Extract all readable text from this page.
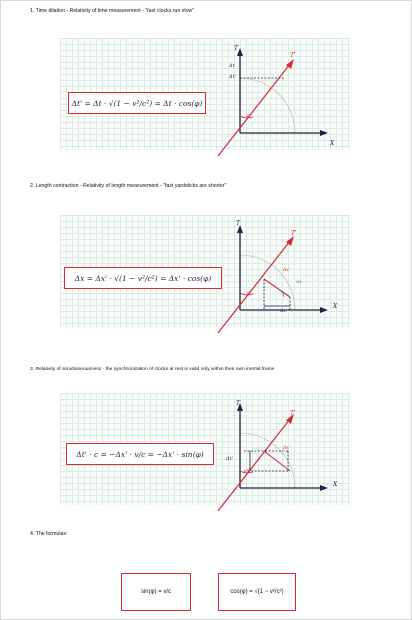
1. Time dilation - Relativity of time measurement - "fast clocks run slow"
Δt' = Δt · √(1 − v²/c²) = Δt · cos(φ)
T
T'
X
Δt
Δt'
φ
2. Length contraction - Relativity of length measurement - "fast yardsticks are shorter"
Δx = Δx' · √(1 − v²/c²) = Δx' · cos(φ)
T
T'
X
Δx'
Δx
Δx
φ
3. Relativity of simultaneousness - the synchronization of clocks at rest is valid only within their own inertial frame
Δt' · c = −Δx' · v/c = −Δx' · sin(φ)
T
T'
X
Δt'
Δx'
φ
4. The formulas:
sin(φ) = v/c	cos(φ) = √(1 − v²/c²)
